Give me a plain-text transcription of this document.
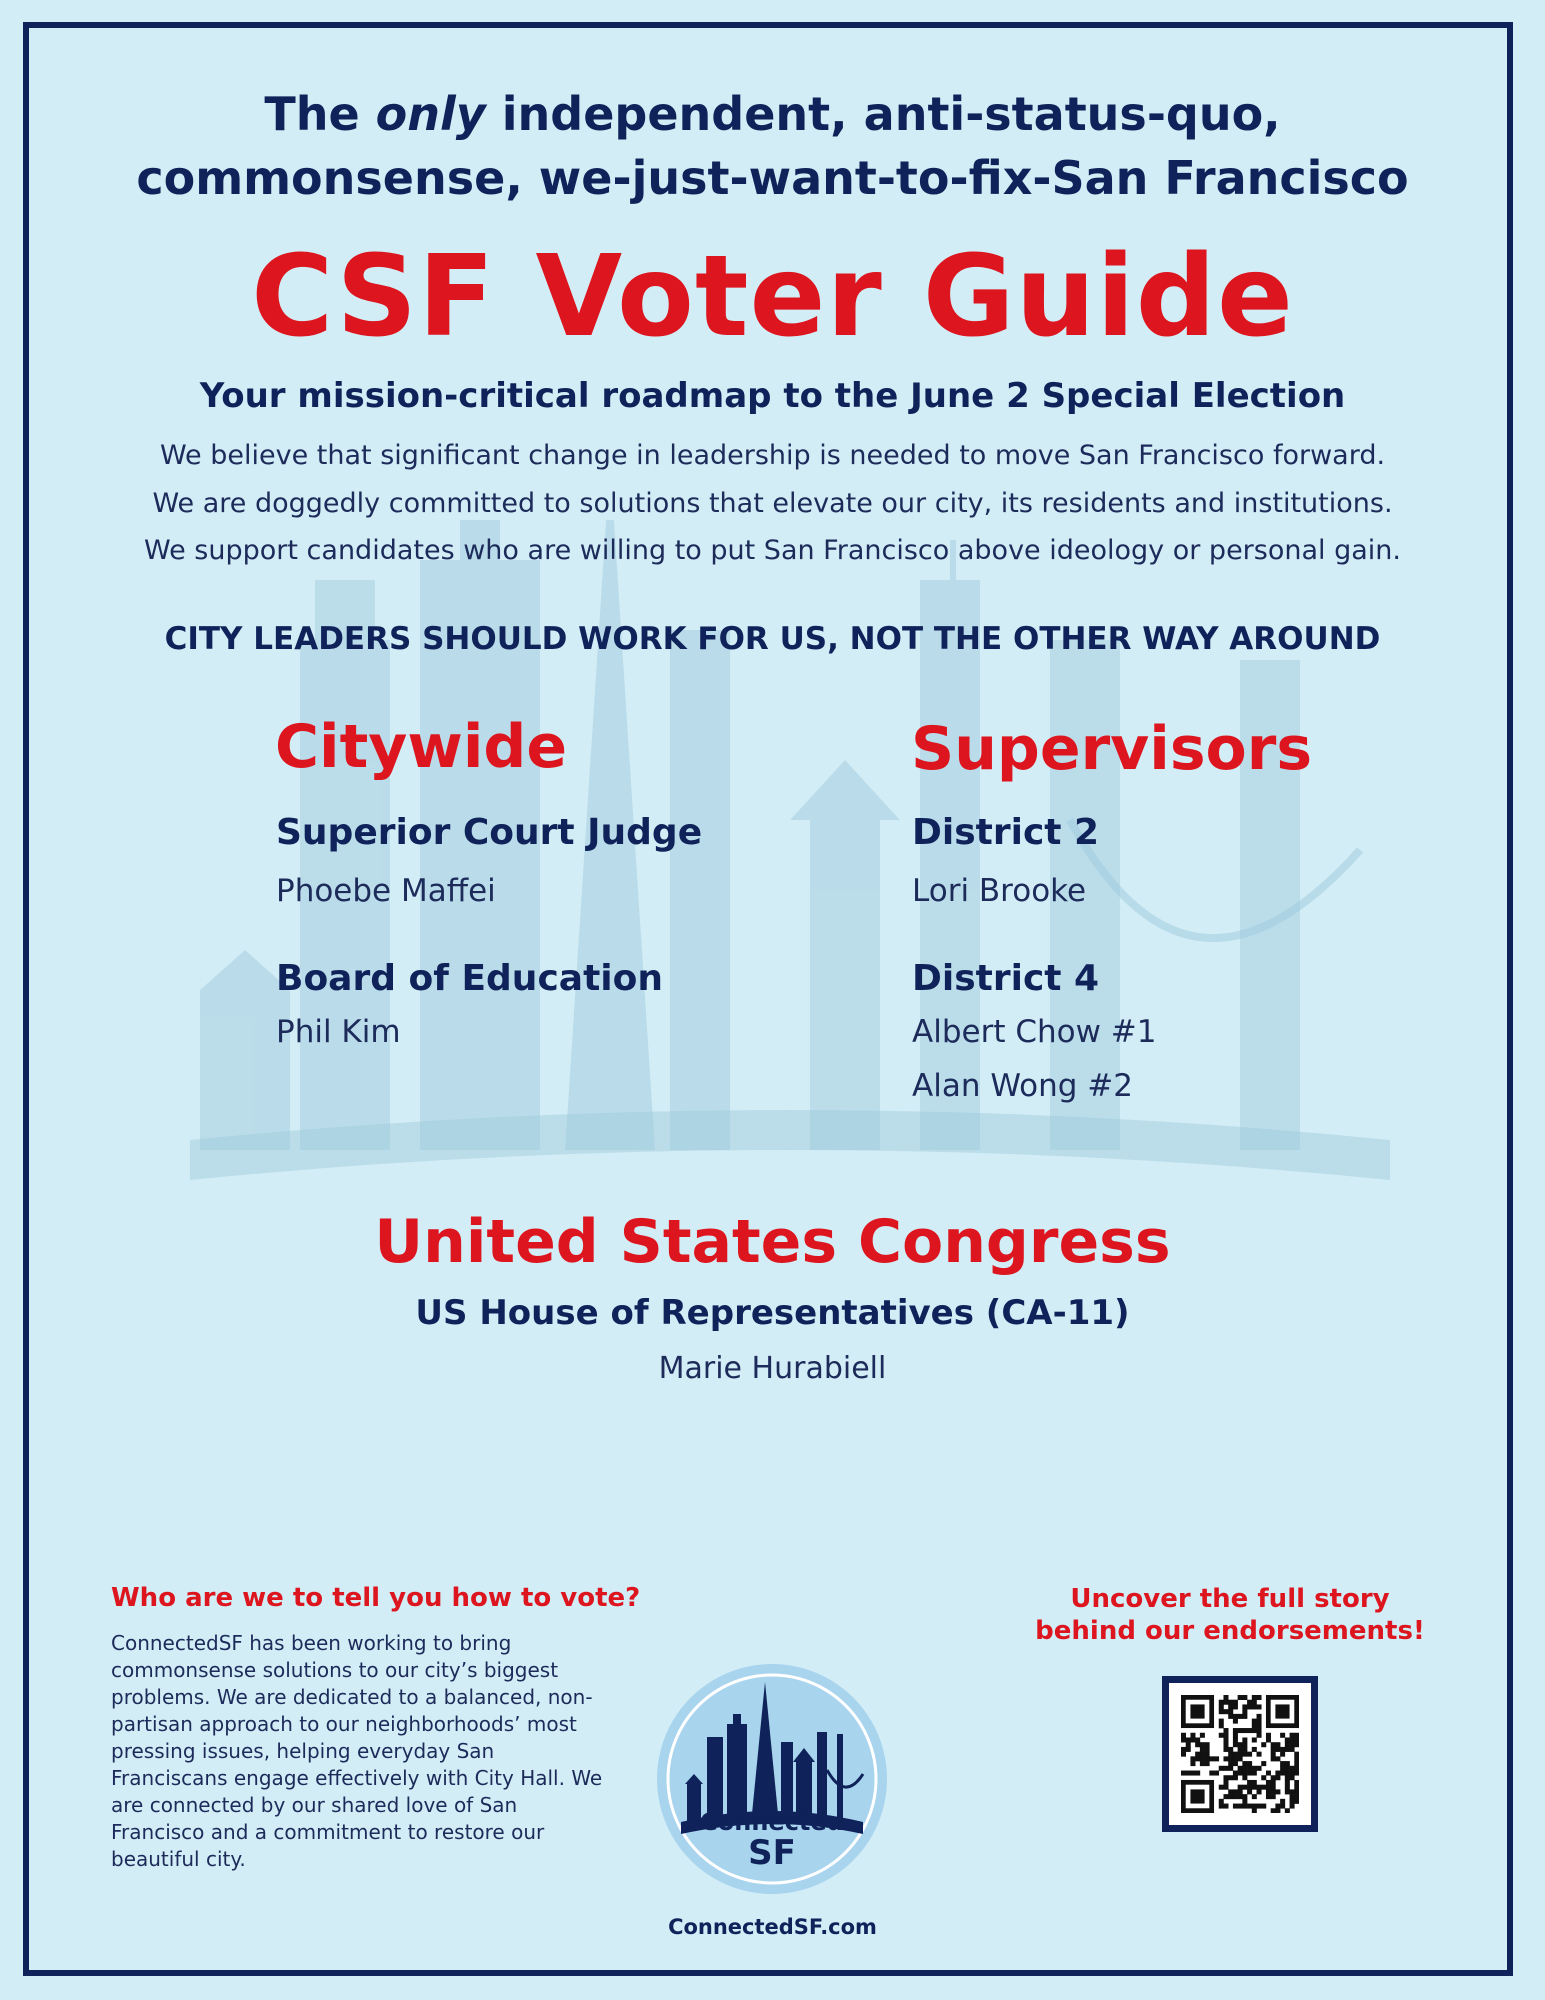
The only independent, anti-status-quo,
commonsense, we-just-want-to-fix-San Francisco
CSF Voter Guide
Your mission-critical roadmap to the June 2 Special Election
We believe that significant change in leadership is needed to move San Francisco forward.
We are doggedly committed to solutions that elevate our city, its residents and institutions.
We support candidates who are willing to put San Francisco above ideology or personal gain.
CITY LEADERS SHOULD WORK FOR US, NOT THE OTHER WAY AROUND
Citywide
Superior Court Judge
Phoebe Maffei
Board of Education
Phil Kim
Supervisors
District 2
Lori Brooke
District 4
Albert Chow #1
Alan Wong #2
United States Congress
US House of Representatives (CA-11)
Marie Hurabiell
Who are we to tell you how to vote?
ConnectedSF has been working to bring
commonsense solutions to our city’s biggest
problems. We are dedicated to a balanced, non-
partisan approach to our neighborhoods’ most
pressing issues, helping everyday San
Franciscans engage effectively with City Hall. We
are connected by our shared love of San
Francisco and a commitment to restore our
beautiful city.
Connected
SF
ConnectedSF.com
Uncover the full story
behind our endorsements!
